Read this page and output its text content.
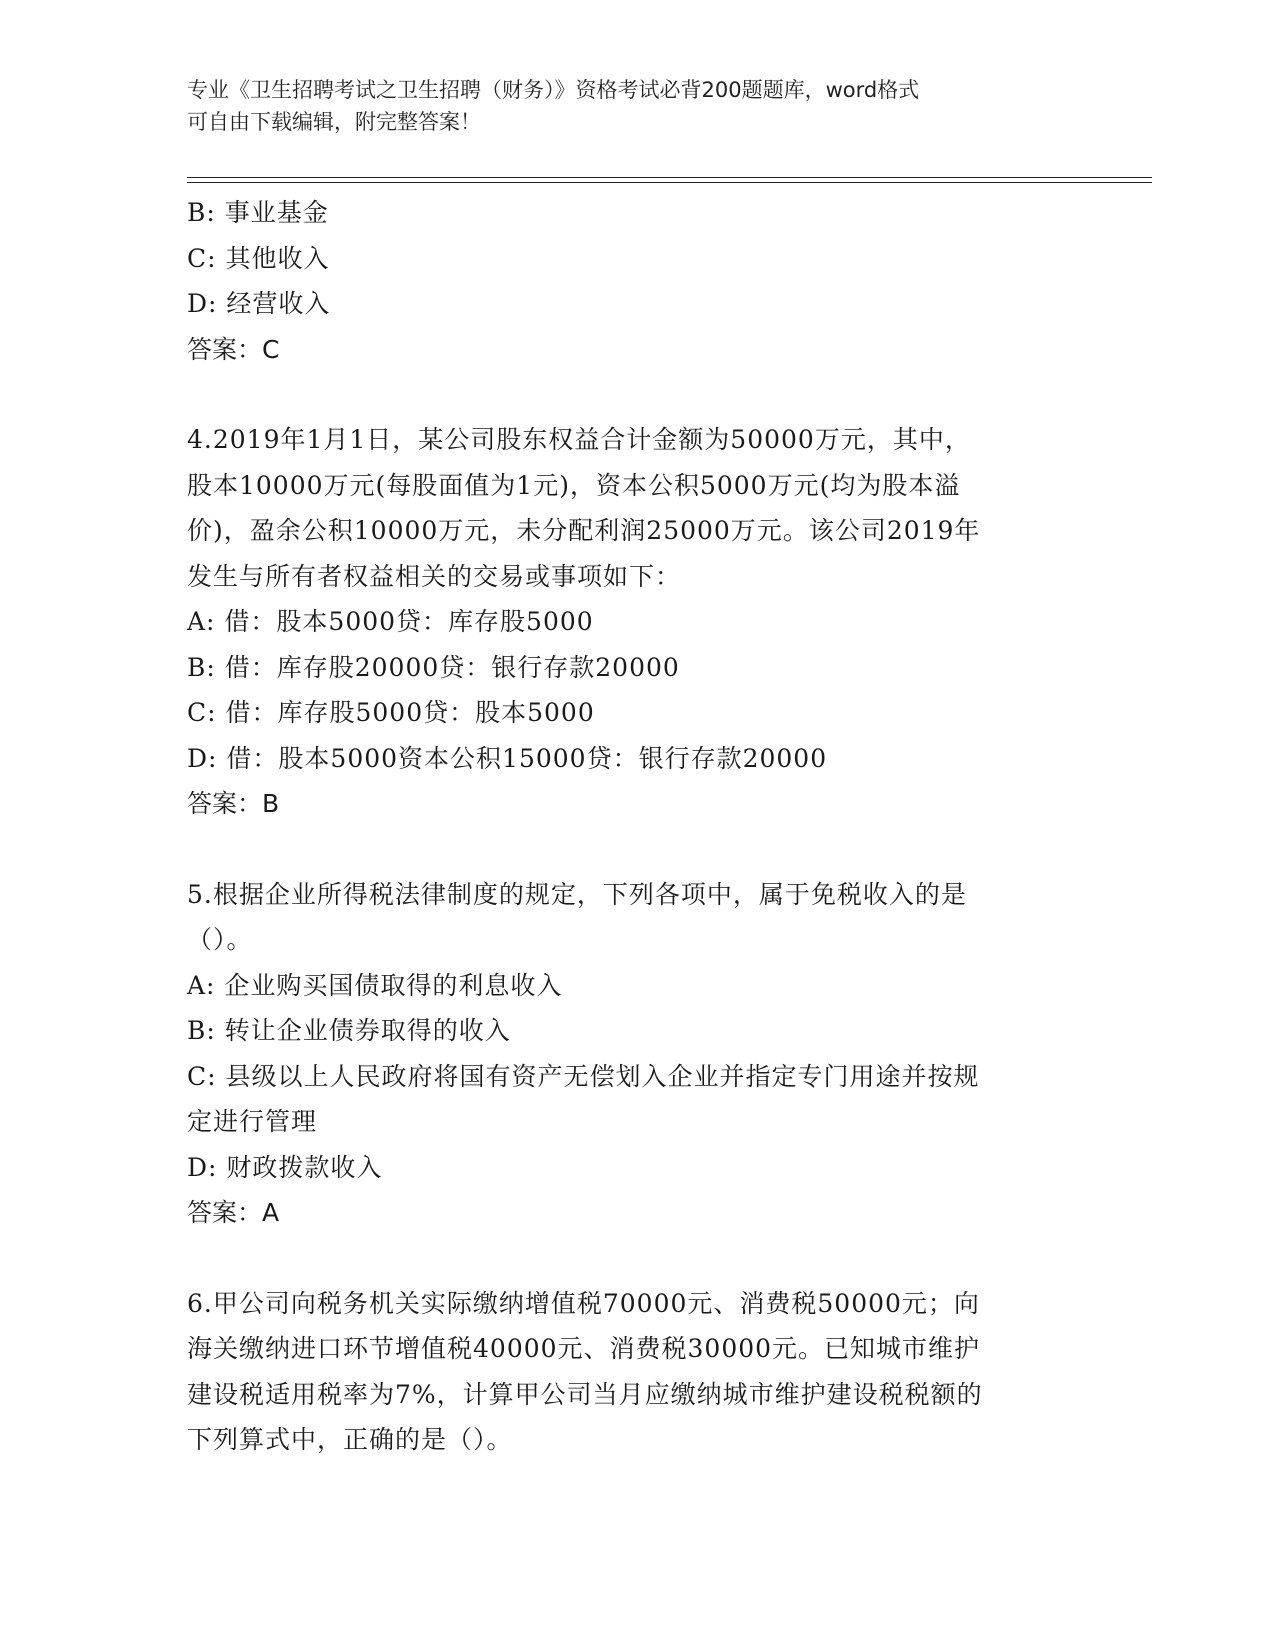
专业《卫生招聘考试之卫生招聘（财务）》资格考试必背200题题库，word格式
可自由下载编辑，附完整答案！
B: 事业基金
C: 其他收入
D: 经营收入
答案：C
4.2019年1月1日，某公司股东权益合计金额为50000万元，其中，
股本10000万元(每股面值为1元)，资本公积5000万元(均为股本溢
价)，盈余公积10000万元，未分配利润25000万元。该公司2019年
发生与所有者权益相关的交易或事项如下：
A: 借：股本5000贷：库存股5000
B: 借：库存股20000贷：银行存款20000
C: 借：库存股5000贷：股本5000
D: 借：股本5000资本公积15000贷：银行存款20000
答案：B
5.根据企业所得税法律制度的规定，下列各项中，属于免税收入的是
（）。
A: 企业购买国债取得的利息收入
B: 转让企业债券取得的收入
C: 县级以上人民政府将国有资产无偿划入企业并指定专门用途并按规
定进行管理
D: 财政拨款收入
答案：A
6.甲公司向税务机关实际缴纳增值税70000元、消费税50000元；向
海关缴纳进口环节增值税40000元、消费税30000元。已知城市维护
建设税适用税率为7%，计算甲公司当月应缴纳城市维护建设税税额的
下列算式中，正确的是（）。
